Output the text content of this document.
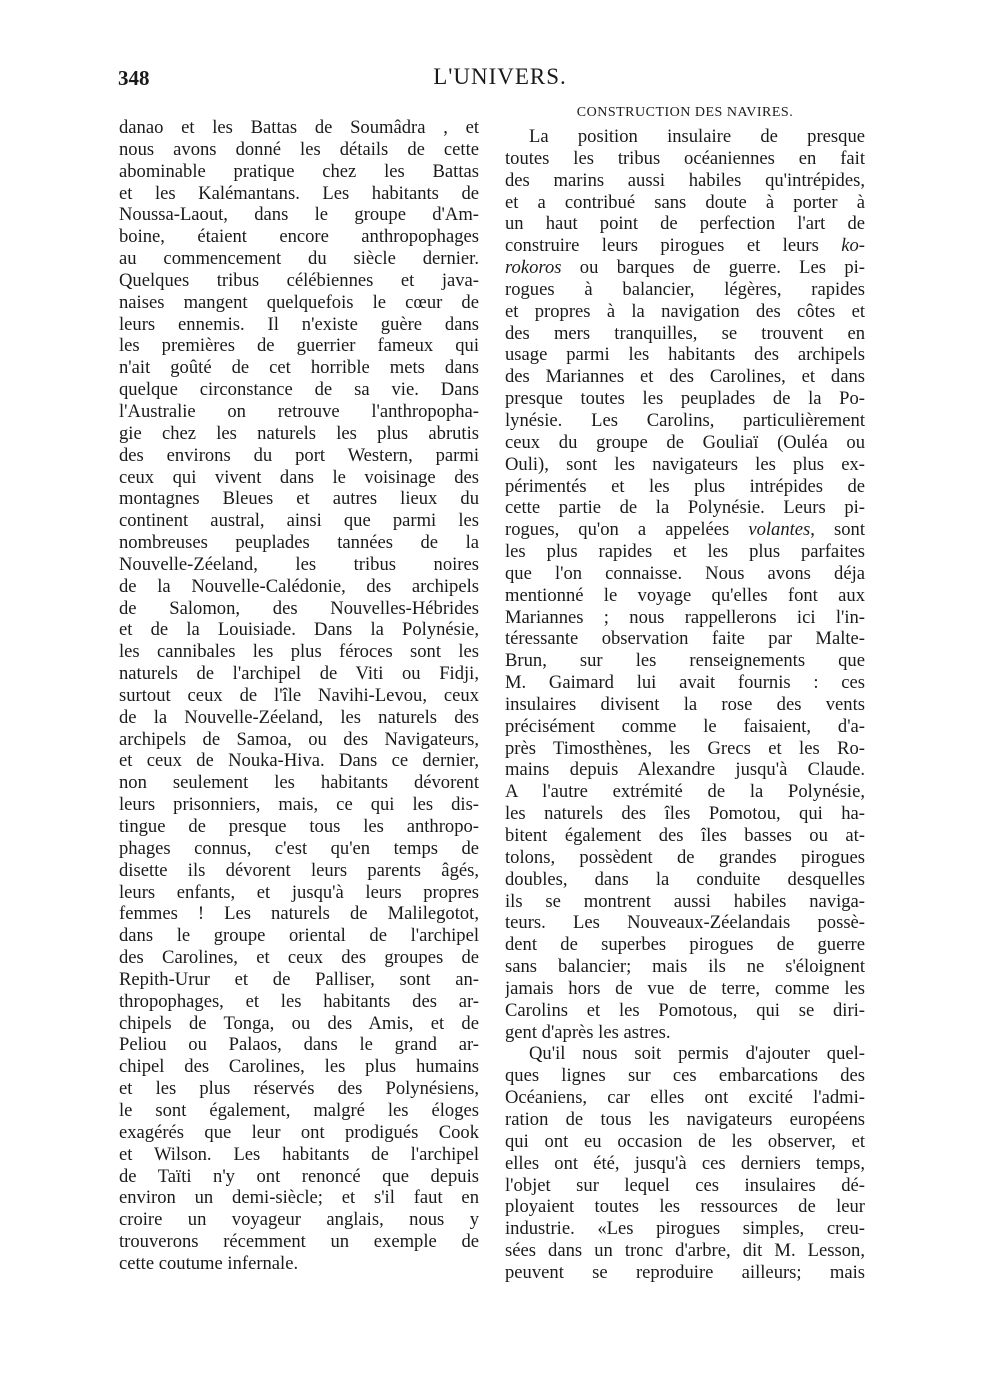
348	L'UNIVERS.
danao et les Battas de Soumâdra , et
nous avons donné les détails de cette
abominable pratique chez les Battas
et les Kalémantans. Les habitants de
Noussa-Laout, dans le groupe d'Am-
boine, étaient encore anthropophages
au commencement du siècle dernier.
Quelques tribus célébiennes et java-
naises mangent quelquefois le cœur de
leurs ennemis. Il n'existe guère dans
les premières de guerrier fameux qui
n'ait goûté de cet horrible mets dans
quelque circonstance de sa vie. Dans
l'Australie on retrouve l'anthropopha-
gie chez les naturels les plus abrutis
des environs du port Western, parmi
ceux qui vivent dans le voisinage des
montagnes Bleues et autres lieux du
continent austral, ainsi que parmi les
nombreuses peuplades tannées de la
Nouvelle-Zéeland, les tribus noires
de la Nouvelle-Calédonie, des archipels
de Salomon, des Nouvelles-Hébrides
et de la Louisiade. Dans la Polynésie,
les cannibales les plus féroces sont les
naturels de l'archipel de Viti ou Fidji,
surtout ceux de l'île Navihi-Levou, ceux
de la Nouvelle-Zéeland, les naturels des
archipels de Samoa, ou des Navigateurs,
et ceux de Nouka-Hiva. Dans ce dernier,
non seulement les habitants dévorent
leurs prisonniers, mais, ce qui les dis-
tingue de presque tous les anthropo-
phages connus, c'est qu'en temps de
disette ils dévorent leurs parents âgés,
leurs enfants, et jusqu'à leurs propres
femmes ! Les naturels de Malilegotot,
dans le groupe oriental de l'archipel
des Carolines, et ceux des groupes de
Repith-Urur et de Palliser, sont an-
thropophages, et les habitants des ar-
chipels de Tonga, ou des Amis, et de
Peliou ou Palaos, dans le grand ar-
chipel des Carolines, les plus humains
et les plus réservés des Polynésiens,
le sont également, malgré les éloges
exagérés que leur ont prodigués Cook
et Wilson. Les habitants de l'archipel
de Taïti n'y ont renoncé que depuis
environ un demi-siècle; et s'il faut en
croire un voyageur anglais, nous y
trouverons récemment un exemple de
cette coutume infernale.
CONSTRUCTION DES NAVIRES.
La position insulaire de presque
toutes les tribus océaniennes en fait
des marins aussi habiles qu'intrépides,
et a contribué sans doute à porter à
un haut point de perfection l'art de
construire leurs pirogues et leurs ko-
rokoros ou barques de guerre. Les pi-
rogues à balancier, légères, rapides
et propres à la navigation des côtes et
des mers tranquilles, se trouvent en
usage parmi les habitants des archipels
des Mariannes et des Carolines, et dans
presque toutes les peuplades de la Po-
lynésie. Les Carolins, particulièrement
ceux du groupe de Gouliaï (Ouléa ou
Ouli), sont les navigateurs les plus ex-
périmentés et les plus intrépides de
cette partie de la Polynésie. Leurs pi-
rogues, qu'on a appelées volantes, sont
les plus rapides et les plus parfaites
que l'on connaisse. Nous avons déja
mentionné le voyage qu'elles font aux
Mariannes ; nous rappellerons ici l'in-
téressante observation faite par Malte-
Brun, sur les renseignements que
M. Gaimard lui avait fournis : ces
insulaires divisent la rose des vents
précisément comme le faisaient, d'a-
près Timosthènes, les Grecs et les Ro-
mains depuis Alexandre jusqu'à Claude.
A l'autre extrémité de la Polynésie,
les naturels des îles Pomotou, qui ha-
bitent également des îles basses ou at-
tolons, possèdent de grandes pirogues
doubles, dans la conduite desquelles
ils se montrent aussi habiles naviga-
teurs. Les Nouveaux-Zéelandais possè-
dent de superbes pirogues de guerre
sans balancier; mais ils ne s'éloignent
jamais hors de vue de terre, comme les
Carolins et les Pomotous, qui se diri-
gent d'après les astres.
Qu'il nous soit permis d'ajouter quel-
ques lignes sur ces embarcations des
Océaniens, car elles ont excité l'admi-
ration de tous les navigateurs européens
qui ont eu occasion de les observer, et
elles ont été, jusqu'à ces derniers temps,
l'objet sur lequel ces insulaires dé-
ployaient toutes les ressources de leur
industrie. «Les pirogues simples, creu-
sées dans un tronc d'arbre, dit M. Lesson,
peuvent se reproduire ailleurs; mais
